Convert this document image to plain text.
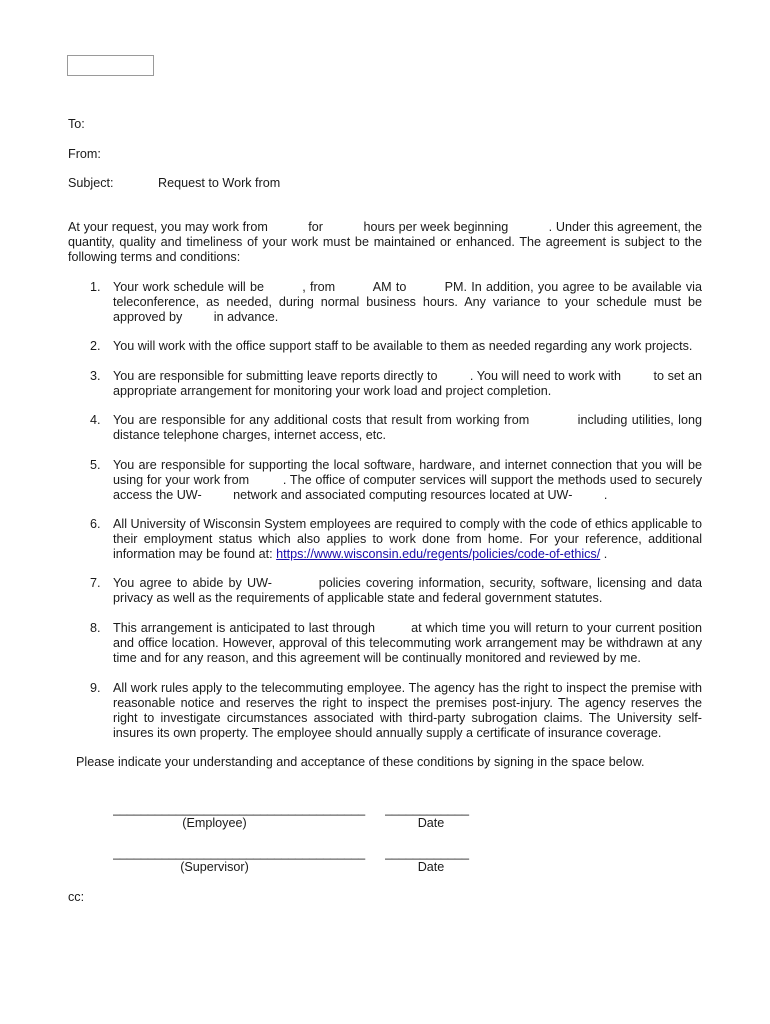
To:
From:
Subject:	Request to Work from
At your request, you may work from           for           hours per week beginning           . Under this agreement, the quantity, quality and timeliness of your work must be maintained or enhanced. The agreement is subject to the following terms and conditions:
1. Your work schedule will be         , from         AM to         PM. In addition, you agree to be available via teleconference, as needed, during normal business hours. Any variance to your schedule must be approved by         in advance.
2. You will work with the office support staff to be available to them as needed regarding any work projects.
3. You are responsible for submitting leave reports directly to         . You will need to work with         to set an appropriate arrangement for monitoring your work load and project completion.
4. You are responsible for any additional costs that result from working from           including utilities, long distance telephone charges, internet access, etc.
5. You are responsible for supporting the local software, hardware, and internet connection that you will be using for your work from         . The office of computer services will support the methods used to securely access the UW-         network and associated computing resources located at UW-         .
6. All University of Wisconsin System employees are required to comply with the code of ethics applicable to their employment status which also applies to work done from home. For your reference, additional information may be found at: https://www.wisconsin.edu/regents/policies/code-of-ethics/ .
7. You agree to abide by UW-         policies covering information, security, software, licensing and data privacy as well as the requirements of applicable state and federal government statutes.
8. This arrangement is anticipated to last through         at which time you will return to your current position and office location. However, approval of this telecommuting work arrangement may be withdrawn at any time and for any reason, and this agreement will be continually monitored and reviewed by me.
9. All work rules apply to the telecommuting employee. The agency has the right to inspect the premise with reasonable notice and reserves the right to inspect the premises post-injury. The agency reserves the right to investigate circumstances associated with third-party subrogation claims. The University self-insures its own property. The employee should annually supply a certificate of insurance coverage.
Please indicate your understanding and acceptance of these conditions by signing in the space below.
____________________________________ ____________
(Employee)	Date
____________________________________ ____________
(Supervisor)	Date
cc:
